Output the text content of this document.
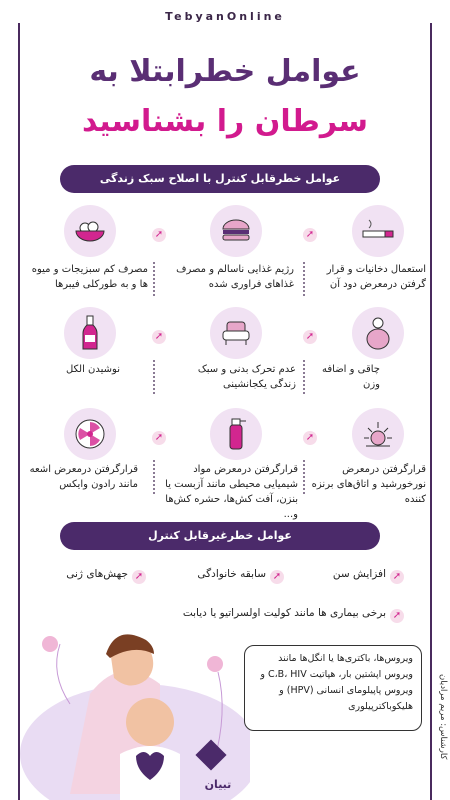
TebyanOnline
عوامل خطرابتلا به
سرطان را بشناسید
عوامل خطرقابل کنترل با اصلاح سبک زندگی
➚
➚
استعمال دخانیات و قرار گرفتن درمعرض دود آن
رژیم غذایی ناسالم و مصرف غذاهای فراوری شده
مصرف کم سبزیجات و میوه ها و به طورکلی فیبرها
➚
➚
چاقی و اضافه وزن
عدم تحرک بدنی و سبک زندگی یکجانشینی
نوشیدن الکل
➚
➚
قرارگرفتن درمعرض نورخورشید و اتاق‌های برنزه کننده
قرارگرفتن درمعرض مواد شیمیایی محیطی مانند آزبست یا بنزن، آفت کش‌ها، حشره کش‌ها و...
قرارگرفتن درمعرض اشعه مانند رادون وایکس
عوامل خطرغیرقابل کنترل
➚
افزایش سن
➚
سابقه خانوادگی
➚
جهش‌های ژنی
➚
برخی بیماری ها مانند کولیت اولسراتیو یا دیابت
تبیان
ویروس‌ها، باکتری‌ها یا انگل‌ها مانند ویروس اپشتین بار، هپاتیت C،B، HIV و ویروس پاپیلومای انسانی (HPV) و هلیکوباکترپیلوری	کارشناس: مریم مرادیان
